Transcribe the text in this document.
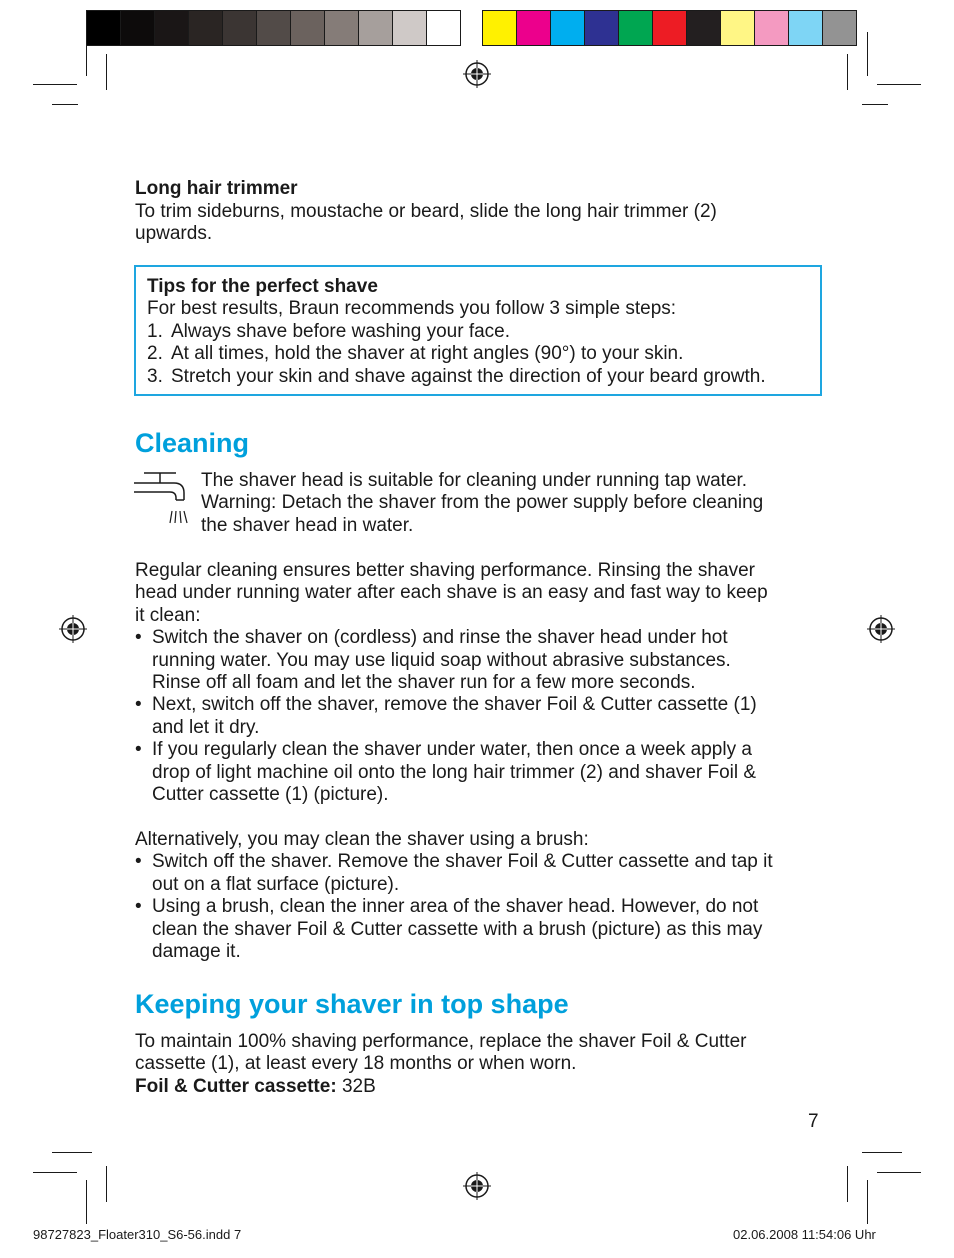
Long hair trimmer
To trim sideburns, moustache or beard, slide the long hair trimmer (2)
upwards.
Tips for the perfect shave
For best results, Braun recommends you follow 3 simple steps:
1. Always shave before washing your face.
2. At all times, hold the shaver at right angles (90°) to your skin.
3. Stretch your skin and shave against the direction of your beard growth.
Cleaning
The shaver head is suitable for cleaning under running tap water.
Warning: Detach the shaver from the power supply before cleaning
the shaver head in water.
Regular cleaning ensures better shaving performance. Rinsing the shaver
head under running water after each shave is an easy and fast way to keep
it clean:
• Switch the shaver on (cordless) and rinse the shaver head under hot
running water. You may use liquid soap without abrasive substances.
Rinse off all foam and let the shaver run for a few more seconds.
• Next, switch off the shaver, remove the shaver Foil & Cutter cassette (1)
and let it dry.
• If you regularly clean the shaver under water, then once a week apply a
drop of light machine oil onto the long hair trimmer (2) and shaver Foil &
Cutter cassette (1) (picture).
Alternatively, you may clean the shaver using a brush:
• Switch off the shaver. Remove the shaver Foil & Cutter cassette and tap it
out on a flat surface (picture).
• Using a brush, clean the inner area of the shaver head. However, do not
clean the shaver Foil & Cutter cassette with a brush (picture) as this may
damage it.
Keeping your shaver in top shape
To maintain 100% shaving performance, replace the shaver Foil & Cutter
cassette (1), at least every 18 months or when worn.
Foil & Cutter cassette: 32B
7
98727823_Floater310_S6-56.indd 7	02.06.2008 11:54:06 Uhr
